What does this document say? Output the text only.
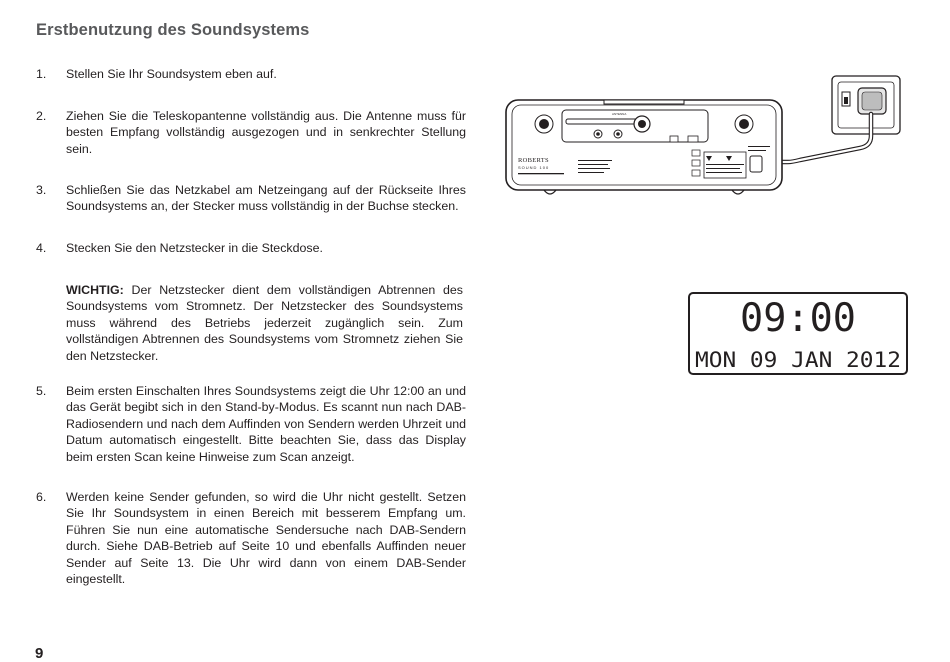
Erstbenutzung des Soundsystems
1.	Stellen Sie Ihr Soundsystem eben auf.
2.	Ziehen Sie die Teleskopantenne vollständig aus. Die Antenne muss für besten Empfang vollständig ausgezogen und in senkrechter Stellung sein.
3.	Schließen Sie das Netzkabel am Netzeingang auf der Rückseite Ihres Soundsystems an, der Stecker muss vollständig in der Buchse stecken.
4.	Stecken Sie den Netzstecker in die Steckdose.
WICHTIG: Der Netzstecker dient dem vollständigen Abtrennen des Soundsystems vom Stromnetz. Der Netzstecker des Soundsystems muss während des Betriebs jederzeit zugänglich sein. Zum vollständigen Abtrennen des Soundsystems vom Stromnetz ziehen Sie den Netzstecker.
5.	Beim ersten Einschalten Ihres Soundsystems zeigt die Uhr 12:00 an und das Gerät begibt sich in den Stand-by-Modus. Es scannt nun nach DAB-Radiosendern und nach dem Auffinden von Sendern werden Uhrzeit und Datum automatisch eingestellt. Bitte beachten Sie, dass das Display beim ersten Scan keine Hinweise zum Scan anzeigt.
6.	Werden keine Sender gefunden, so wird die Uhr nicht gestellt. Setzen Sie Ihr Soundsystem in einen Bereich mit besserem Empfang um. Führen Sie nun eine automatische Sendersuche nach DAB-Sendern durch. Siehe DAB-Betrieb auf Seite 10 und ebenfalls Auffinden neuer Sender auf Seite 13. Die Uhr wird dann von einem DAB-Sender eingestellt.
ANTENNA
ROBERTS
SOUND 100
09:00
MON 09 JAN 2012
9
